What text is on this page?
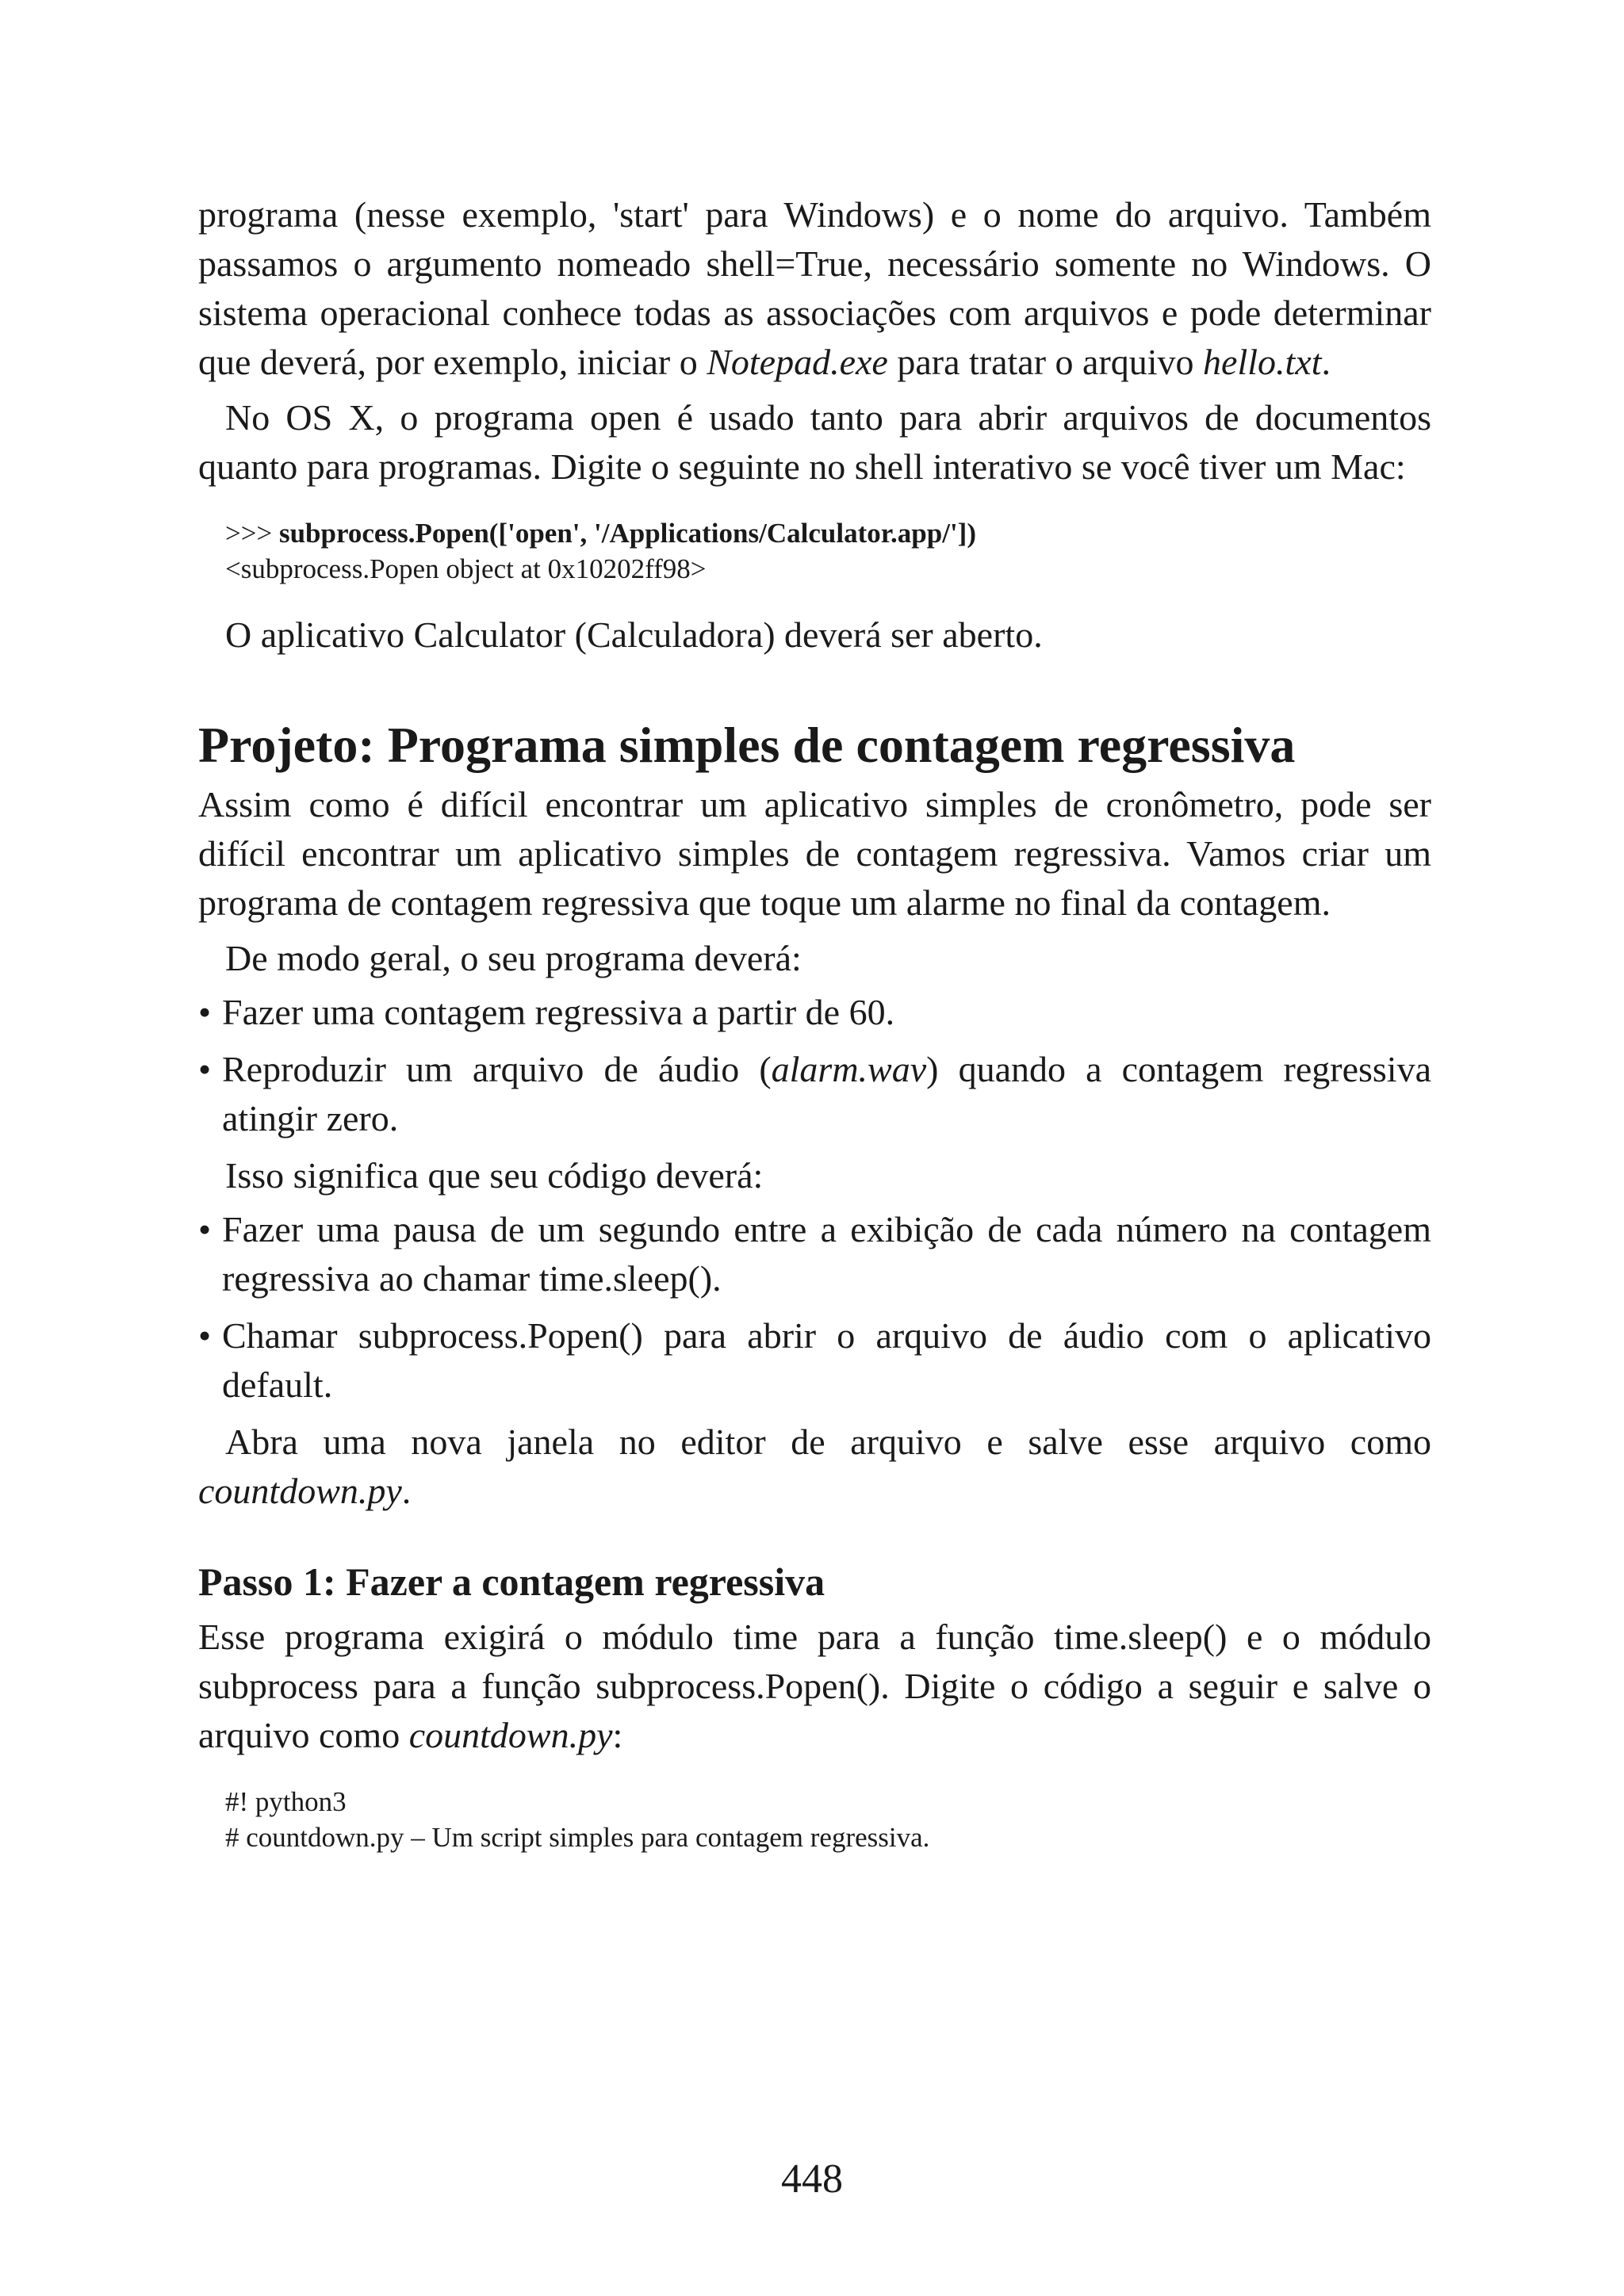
programa (nesse exemplo, 'start' para Windows) e o nome do arquivo. Também passamos o argumento nomeado shell=True, necessário somente no Windows. O sistema operacional conhece todas as associações com arquivos e pode determinar que deverá, por exemplo, iniciar o Notepad.exe para tratar o arquivo hello.txt.

No OS X, o programa open é usado tanto para abrir arquivos de documentos quanto para programas. Digite o seguinte no shell interativo se você tiver um Mac:

>>> subprocess.Popen(['open', '/Applications/Calculator.app/'])
<subprocess.Popen object at 0x10202ff98>

O aplicativo Calculator (Calculadora) deverá ser aberto.

Projeto: Programa simples de contagem regressiva

Assim como é difícil encontrar um aplicativo simples de cronômetro, pode ser difícil encontrar um aplicativo simples de contagem regressiva. Vamos criar um programa de contagem regressiva que toque um alarme no final da contagem.

De modo geral, o seu programa deverá:

• Fazer uma contagem regressiva a partir de 60.
• Reproduzir um arquivo de áudio (alarm.wav) quando a contagem regressiva atingir zero.

Isso significa que seu código deverá:

• Fazer uma pausa de um segundo entre a exibição de cada número na contagem regressiva ao chamar time.sleep().
• Chamar subprocess.Popen() para abrir o arquivo de áudio com o aplicativo default.

Abra uma nova janela no editor de arquivo e salve esse arquivo como countdown.py.

Passo 1: Fazer a contagem regressiva

Esse programa exigirá o módulo time para a função time.sleep() e o módulo subprocess para a função subprocess.Popen(). Digite o código a seguir e salve o arquivo como countdown.py:

#! python3
# countdown.py – Um script simples para contagem regressiva.
448
